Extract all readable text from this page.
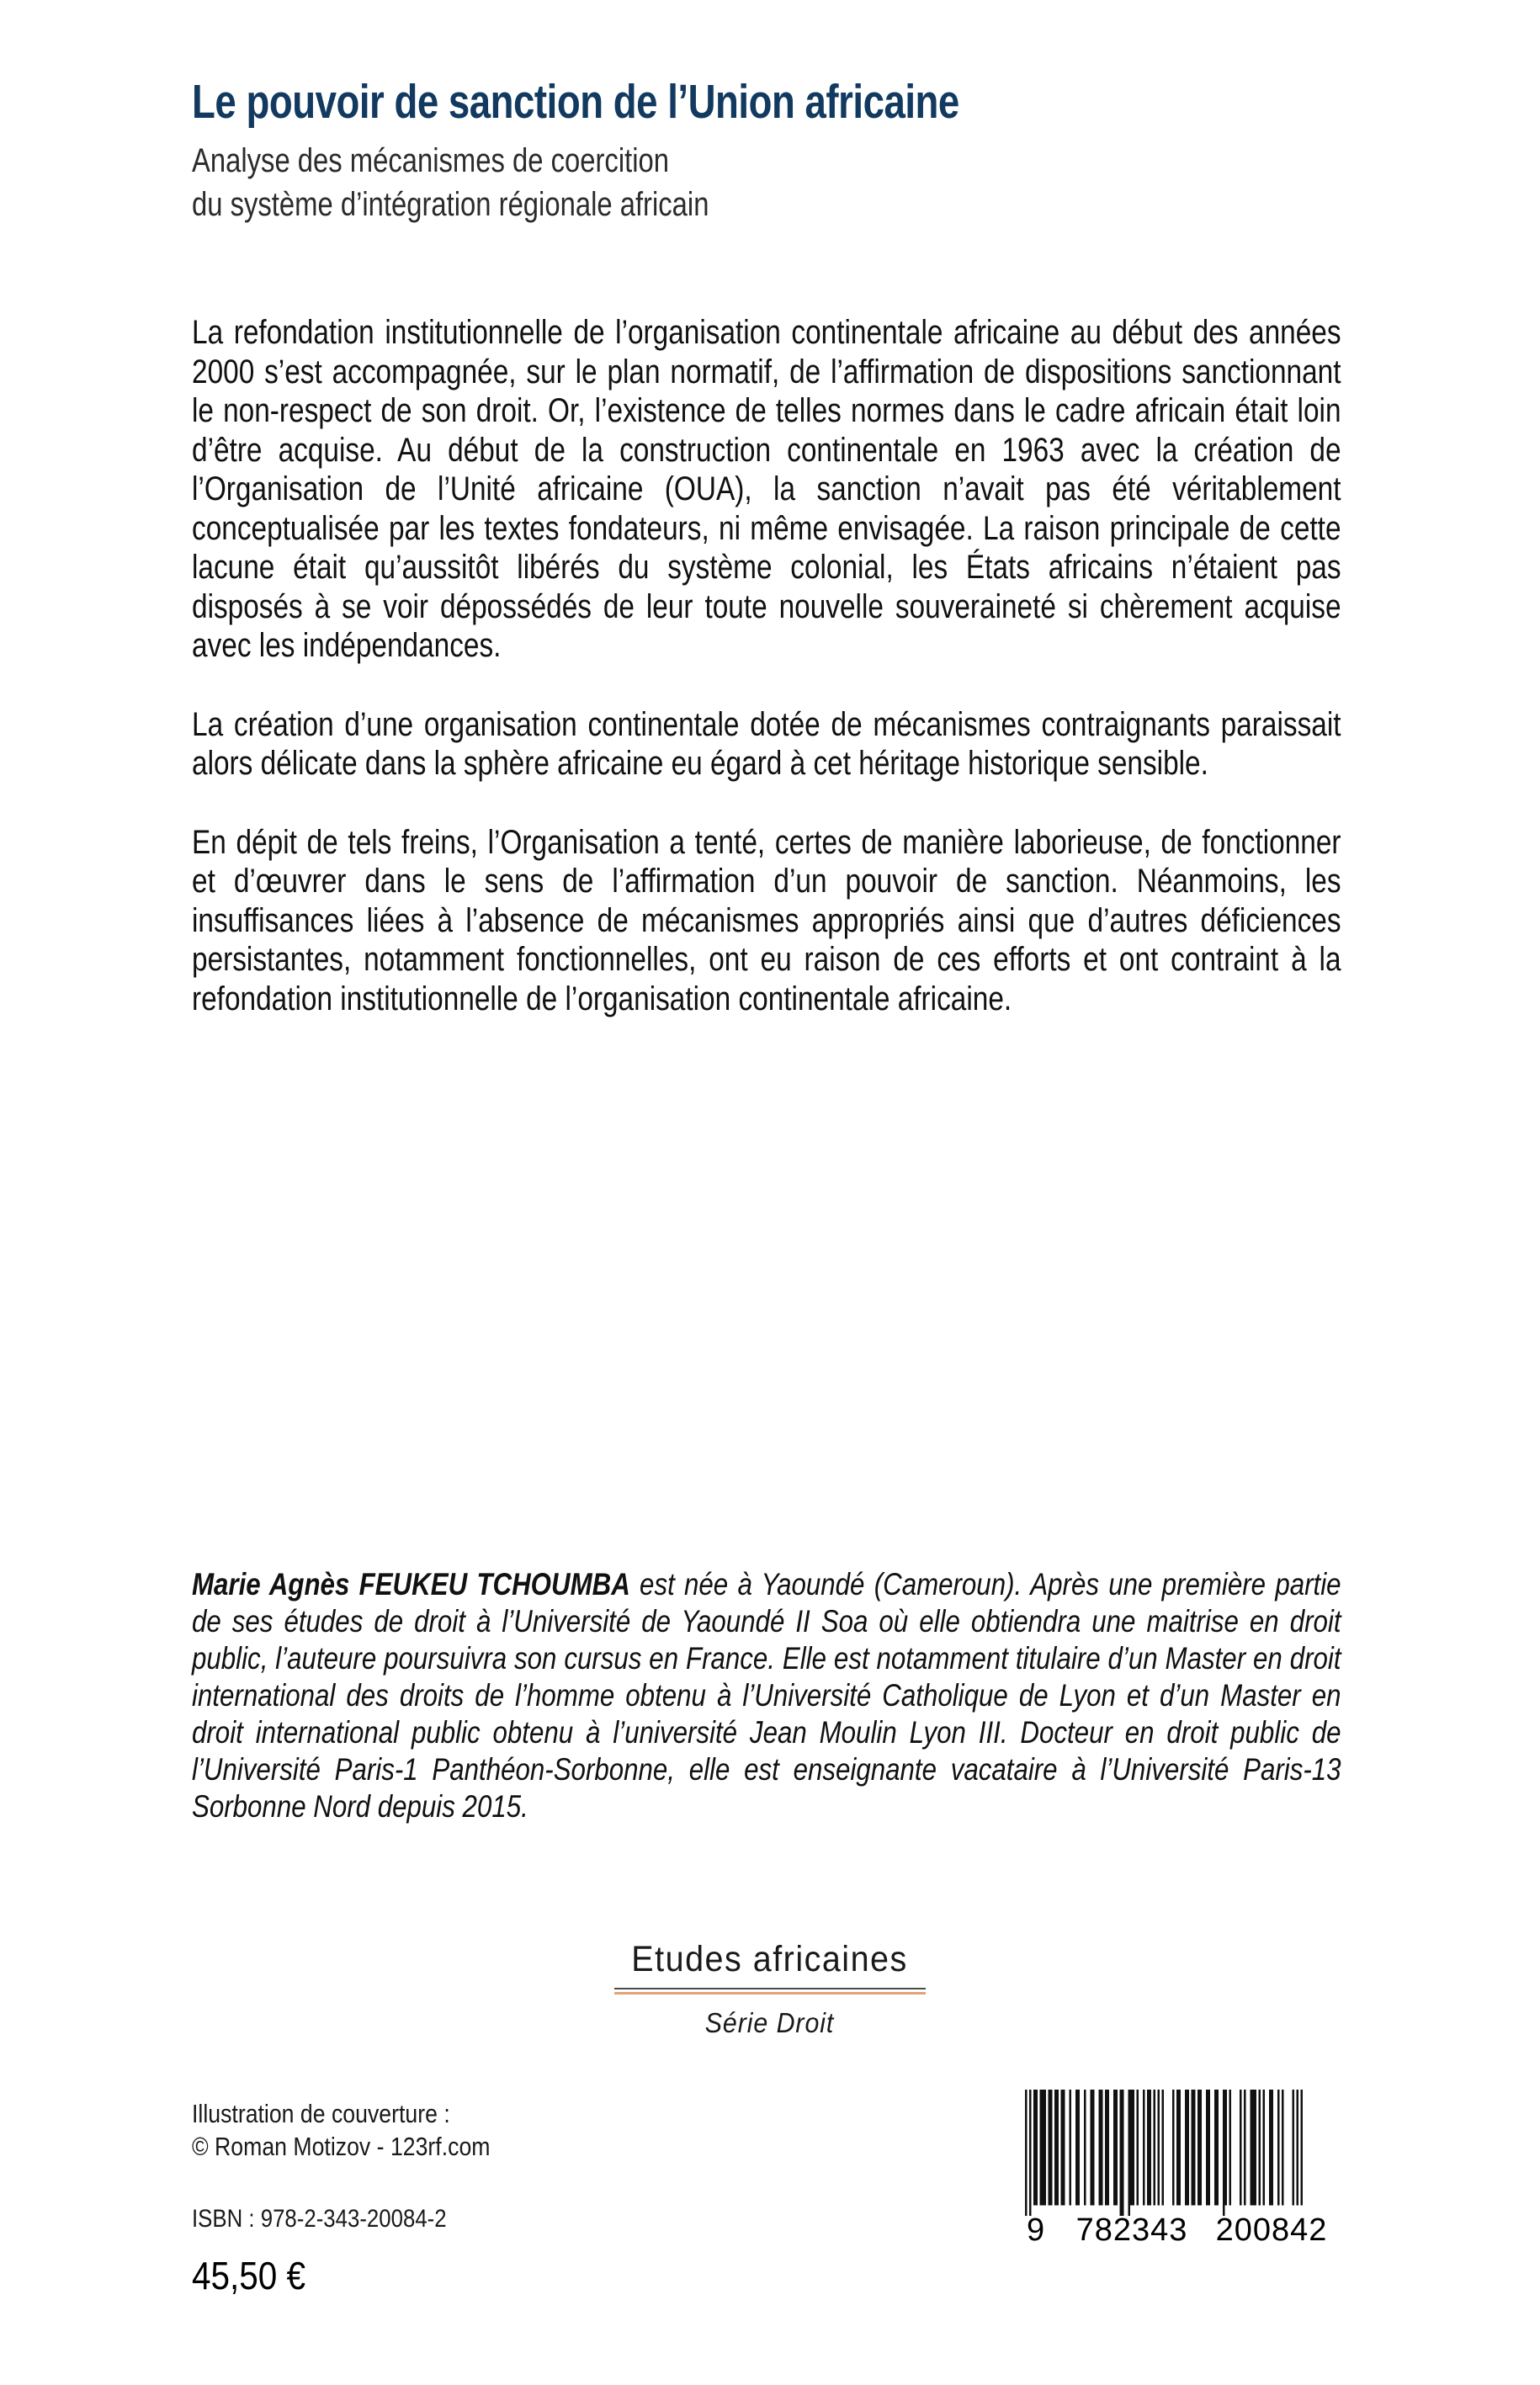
Le pouvoir de sanction de l’Union africaine
Analyse des mécanismes de coercition
du système d’intégration régionale africain

La refondation institutionnelle de l’organisation continentale africaine au début des années 2000 s’est accompagnée, sur le plan normatif, de l’affirmation de dispositions sanctionnant le non-respect de son droit. Or, l’existence de telles normes dans le cadre africain était loin d’être acquise. Au début de la construction continentale en 1963 avec la création de l’Organisation de l’Unité africaine (OUA), la sanction n’avait pas été véritablement conceptualisée par les textes fondateurs, ni même envisagée. La raison principale de cette lacune était qu’aussitôt libérés du système colonial, les États africains n’étaient pas disposés à se voir dépossédés de leur toute nouvelle souveraineté si chèrement acquise avec les indépendances.

La création d’une organisation continentale dotée de mécanismes contraignants paraissait alors délicate dans la sphère africaine eu égard à cet héritage historique sensible.

En dépit de tels freins, l’Organisation a tenté, certes de manière laborieuse, de fonctionner et d’œuvrer dans le sens de l’affirmation d’un pouvoir de sanction. Néanmoins, les insuffisances liées à l’absence de mécanismes appropriés ainsi que d’autres déficiences persistantes, notamment fonctionnelles, ont eu raison de ces efforts et ont contraint à la refondation institutionnelle de l’organisation continentale africaine.

Marie Agnès FEUKEU TCHOUMBA est née à Yaoundé (Cameroun). Après une première partie de ses études de droit à l’Université de Yaoundé II Soa où elle obtiendra une maitrise en droit public, l’auteure poursuivra son cursus en France. Elle est notamment titulaire d’un Master en droit international des droits de l’homme obtenu à l’Université Catholique de Lyon et d’un Master en droit international public obtenu à l’université Jean Moulin Lyon III. Docteur en droit public de l’Université Paris-1 Panthéon-Sorbonne, elle est enseignante vacataire à l’Université Paris-13 Sorbonne Nord depuis 2015.

Etudes africaines
Série Droit
Illustration de couverture :
© Roman Motizov - 123rf.com
ISBN : 978-2-343-20084-2
45,50 €
9 782343 200842
